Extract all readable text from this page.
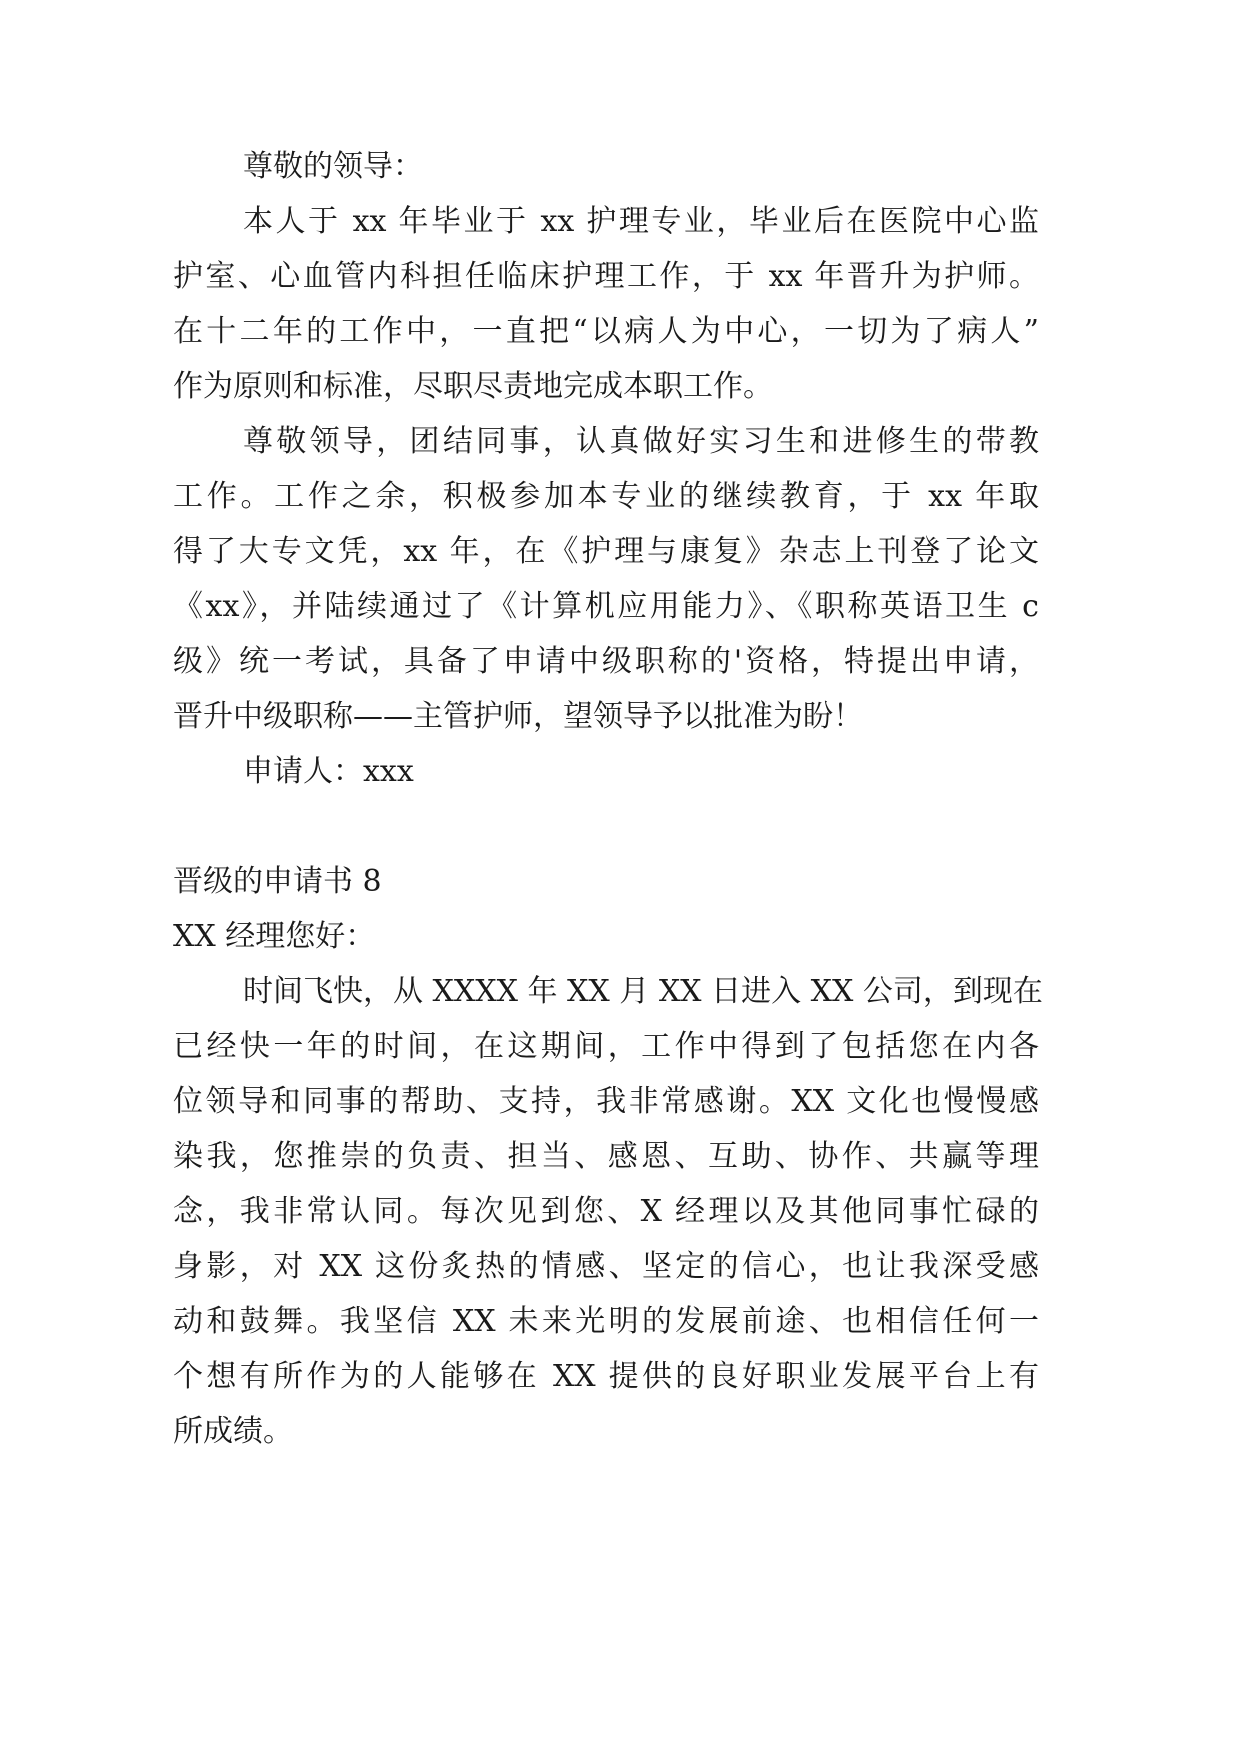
尊敬的领导：
本人于 xx 年毕业于 xx 护理专业，毕业后在医院中心监
护室、心血管内科担任临床护理工作，于 xx 年晋升为护师。
在十二年的工作中，一直把“以病人为中心，一切为了病人”
作为原则和标准，尽职尽责地完成本职工作。
尊敬领导，团结同事，认真做好实习生和进修生的带教
工作。工作之余，积极参加本专业的继续教育，于 xx 年取
得了大专文凭，xx 年，在《护理与康复》杂志上刊登了论文
《xx》，并陆续通过了《计算机应用能力》、《职称英语卫生 c
级》统一考试，具备了申请中级职称的'资格，特提出申请，
晋升中级职称——主管护师，望领导予以批准为盼！
申请人：xxx
晋级的申请书 8
XX 经理您好：
时间飞快，从 XXXX 年 XX 月 XX 日进入 XX 公司，到现在
已经快一年的时间，在这期间，工作中得到了包括您在内各
位领导和同事的帮助、支持，我非常感谢。XX 文化也慢慢感
染我，您推崇的负责、担当、感恩、互助、协作、共赢等理
念，我非常认同。每次见到您、X 经理以及其他同事忙碌的
身影，对 XX 这份炙热的情感、坚定的信心，也让我深受感
动和鼓舞。我坚信 XX 未来光明的发展前途、也相信任何一
个想有所作为的人能够在 XX 提供的良好职业发展平台上有
所成绩。
